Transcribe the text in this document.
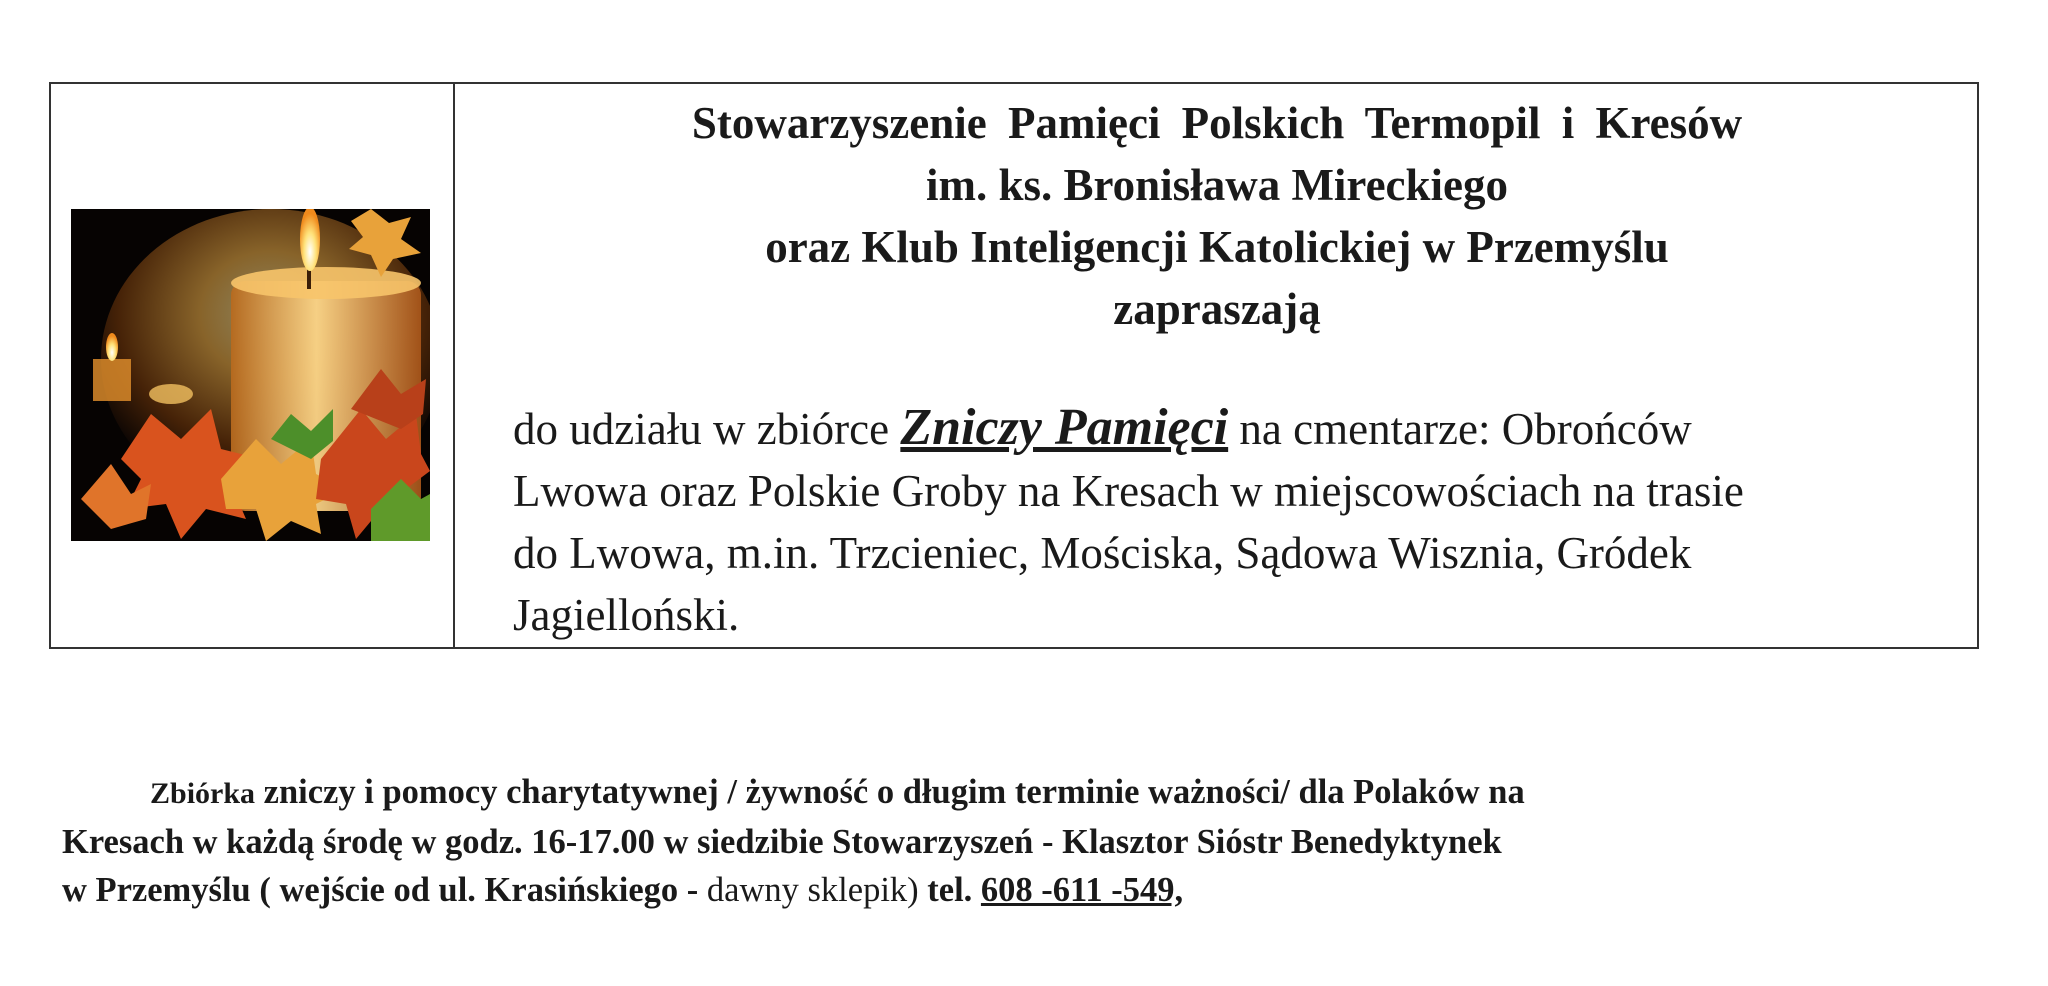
Stowarzyszenie Pamięci Polskich Termopil i Kresów
im. ks. Bronisława Mireckiego
oraz Klub Inteligencji Katolickiej w Przemyślu
zapraszają
do udziału w zbiórce Zniczy Pamięci na cmentarze: Obrońców
Lwowa oraz Polskie Groby na Kresach w miejscowościach na trasie
do Lwowa, m.in. Trzcieniec, Mościska, Sądowa Wisznia, Gródek
Jagielloński.
Zbiórka zniczy i pomocy charytatywnej / żywność o długim terminie ważności/ dla Polaków na
Kresach w każdą środę w godz. 16-17.00 w siedzibie Stowarzyszeń - Klasztor Sióstr Benedyktynek
w Przemyślu ( wejście od ul. Krasińskiego - dawny sklepik) tel. 608 -611 -549,
